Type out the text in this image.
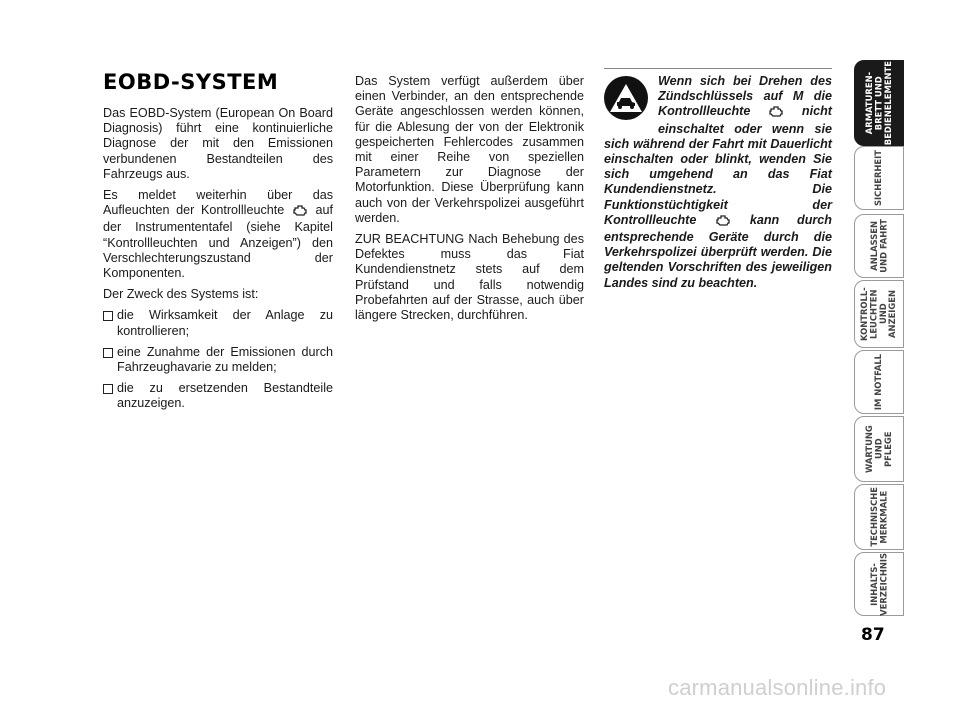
EOBD-SYSTEM

Das EOBD-System (European On Board Diagnosis) führt eine kontinuierliche Diagnose der mit den Emissionen verbundenen Bestandteilen des Fahrzeugs aus.

Es meldet weiterhin über das Aufleuchten der Kontrollleuchte auf der Instrumententafel (siehe Kapitel “Kontrollleuchten und Anzeigen”) den Verschlechterungszustand der Komponenten.

Der Zweck des Systems ist:

die Wirksamkeit der Anlage zu kontrollieren;
eine Zunahme der Emissionen durch Fahrzeughavarie zu melden;
die zu ersetzenden Bestandteile anzuzeigen.

Das System verfügt außerdem über einen Verbinder, an den entsprechende Geräte angeschlossen werden können, für die Ablesung der von der Elektronik gespeicherten Fehlercodes zusammen mit einer Reihe von speziellen Parametern zur Diagnose der Motorfunktion. Diese Überprüfung kann auch von der Verkehrspolizei ausgeführt werden.

ZUR BEACHTUNG Nach Behebung des Defektes muss das Fiat Kundendienstnetz stets auf dem Prüfstand und falls notwendig Probefahrten auf der Strasse, auch über längere Strecken, durchführen.

Wenn sich bei Drehen des Zündschlüssels auf M die Kontrollleuchte	nicht einschaltet oder wenn sie sich während der Fahrt mit Dauerlicht einschalten oder blinkt, wenden Sie sich umgehend an das Fiat Kundendienstnetz. Die Funktionstüchtigkeit der Kontrollleuchte	kann durch entsprechende Geräte durch die Verkehrspolizei überprüft werden. Die geltenden Vorschriften des jeweiligen Landes sind zu beachten.
ARMATUREN-
BRETT UND
BEDIENELEMENTE
SICHERHEIT
ANLASSEN
UND FAHRT
KONTROLL-
LEUCHTEN UND
ANZEIGEN
IM NOTFALL
WARTUNG UND
PFLEGE
TECHNISCHE
MERKMALE
INHALTS-
VERZEICHNIS
87
carmanualsonline.info
